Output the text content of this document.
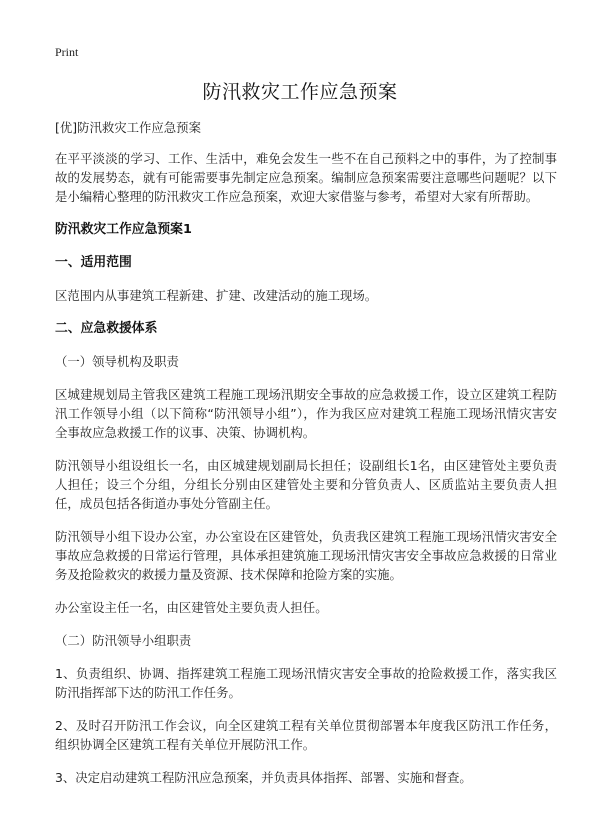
Print
防汛救灾工作应急预案

[优]防汛救灾工作应急预案

在平平淡淡的学习、工作、生活中，难免会发生一些不在自己预料之中的事件，为了控制事故的发展势态，就有可能需要事先制定应急预案。编制应急预案需要注意哪些问题呢？以下是小编精心整理的防汛救灾工作应急预案，欢迎大家借鉴与参考，希望对大家有所帮助。

防汛救灾工作应急预案1
一、适用范围

区范围内从事建筑工程新建、扩建、改建活动的施工现场。

二、应急救援体系

（一）领导机构及职责

区城建规划局主管我区建筑工程施工现场汛期安全事故的应急救援工作，设立区建筑工程防汛工作领导小组（以下简称“防汛领导小组”），作为我区应对建筑工程施工现场汛情灾害安全事故应急救援工作的议事、决策、协调机构。

防汛领导小组设组长一名，由区城建规划副局长担任；设副组长1名，由区建管处主要负责人担任；设三个分组，分组长分别由区建管处主要和分管负责人、区质监站主要负责人担任，成员包括各街道办事处分管副主任。

防汛领导小组下设办公室，办公室设在区建管处，负责我区建筑工程施工现场汛情灾害安全事故应急救援的日常运行管理，具体承担建筑施工现场汛情灾害安全事故应急救援的日常业务及抢险救灾的救援力量及资源、技术保障和抢险方案的实施。

办公室设主任一名，由区建管处主要负责人担任。

（二）防汛领导小组职责

1、负责组织、协调、指挥建筑工程施工现场汛情灾害安全事故的抢险救援工作，落实我区防汛指挥部下达的防汛工作任务。

2、及时召开防汛工作会议，向全区建筑工程有关单位贯彻部署本年度我区防汛工作任务，组织协调全区建筑工程有关单位开展防汛工作。

3、决定启动建筑工程防汛应急预案，并负责具体指挥、部署、实施和督查。
